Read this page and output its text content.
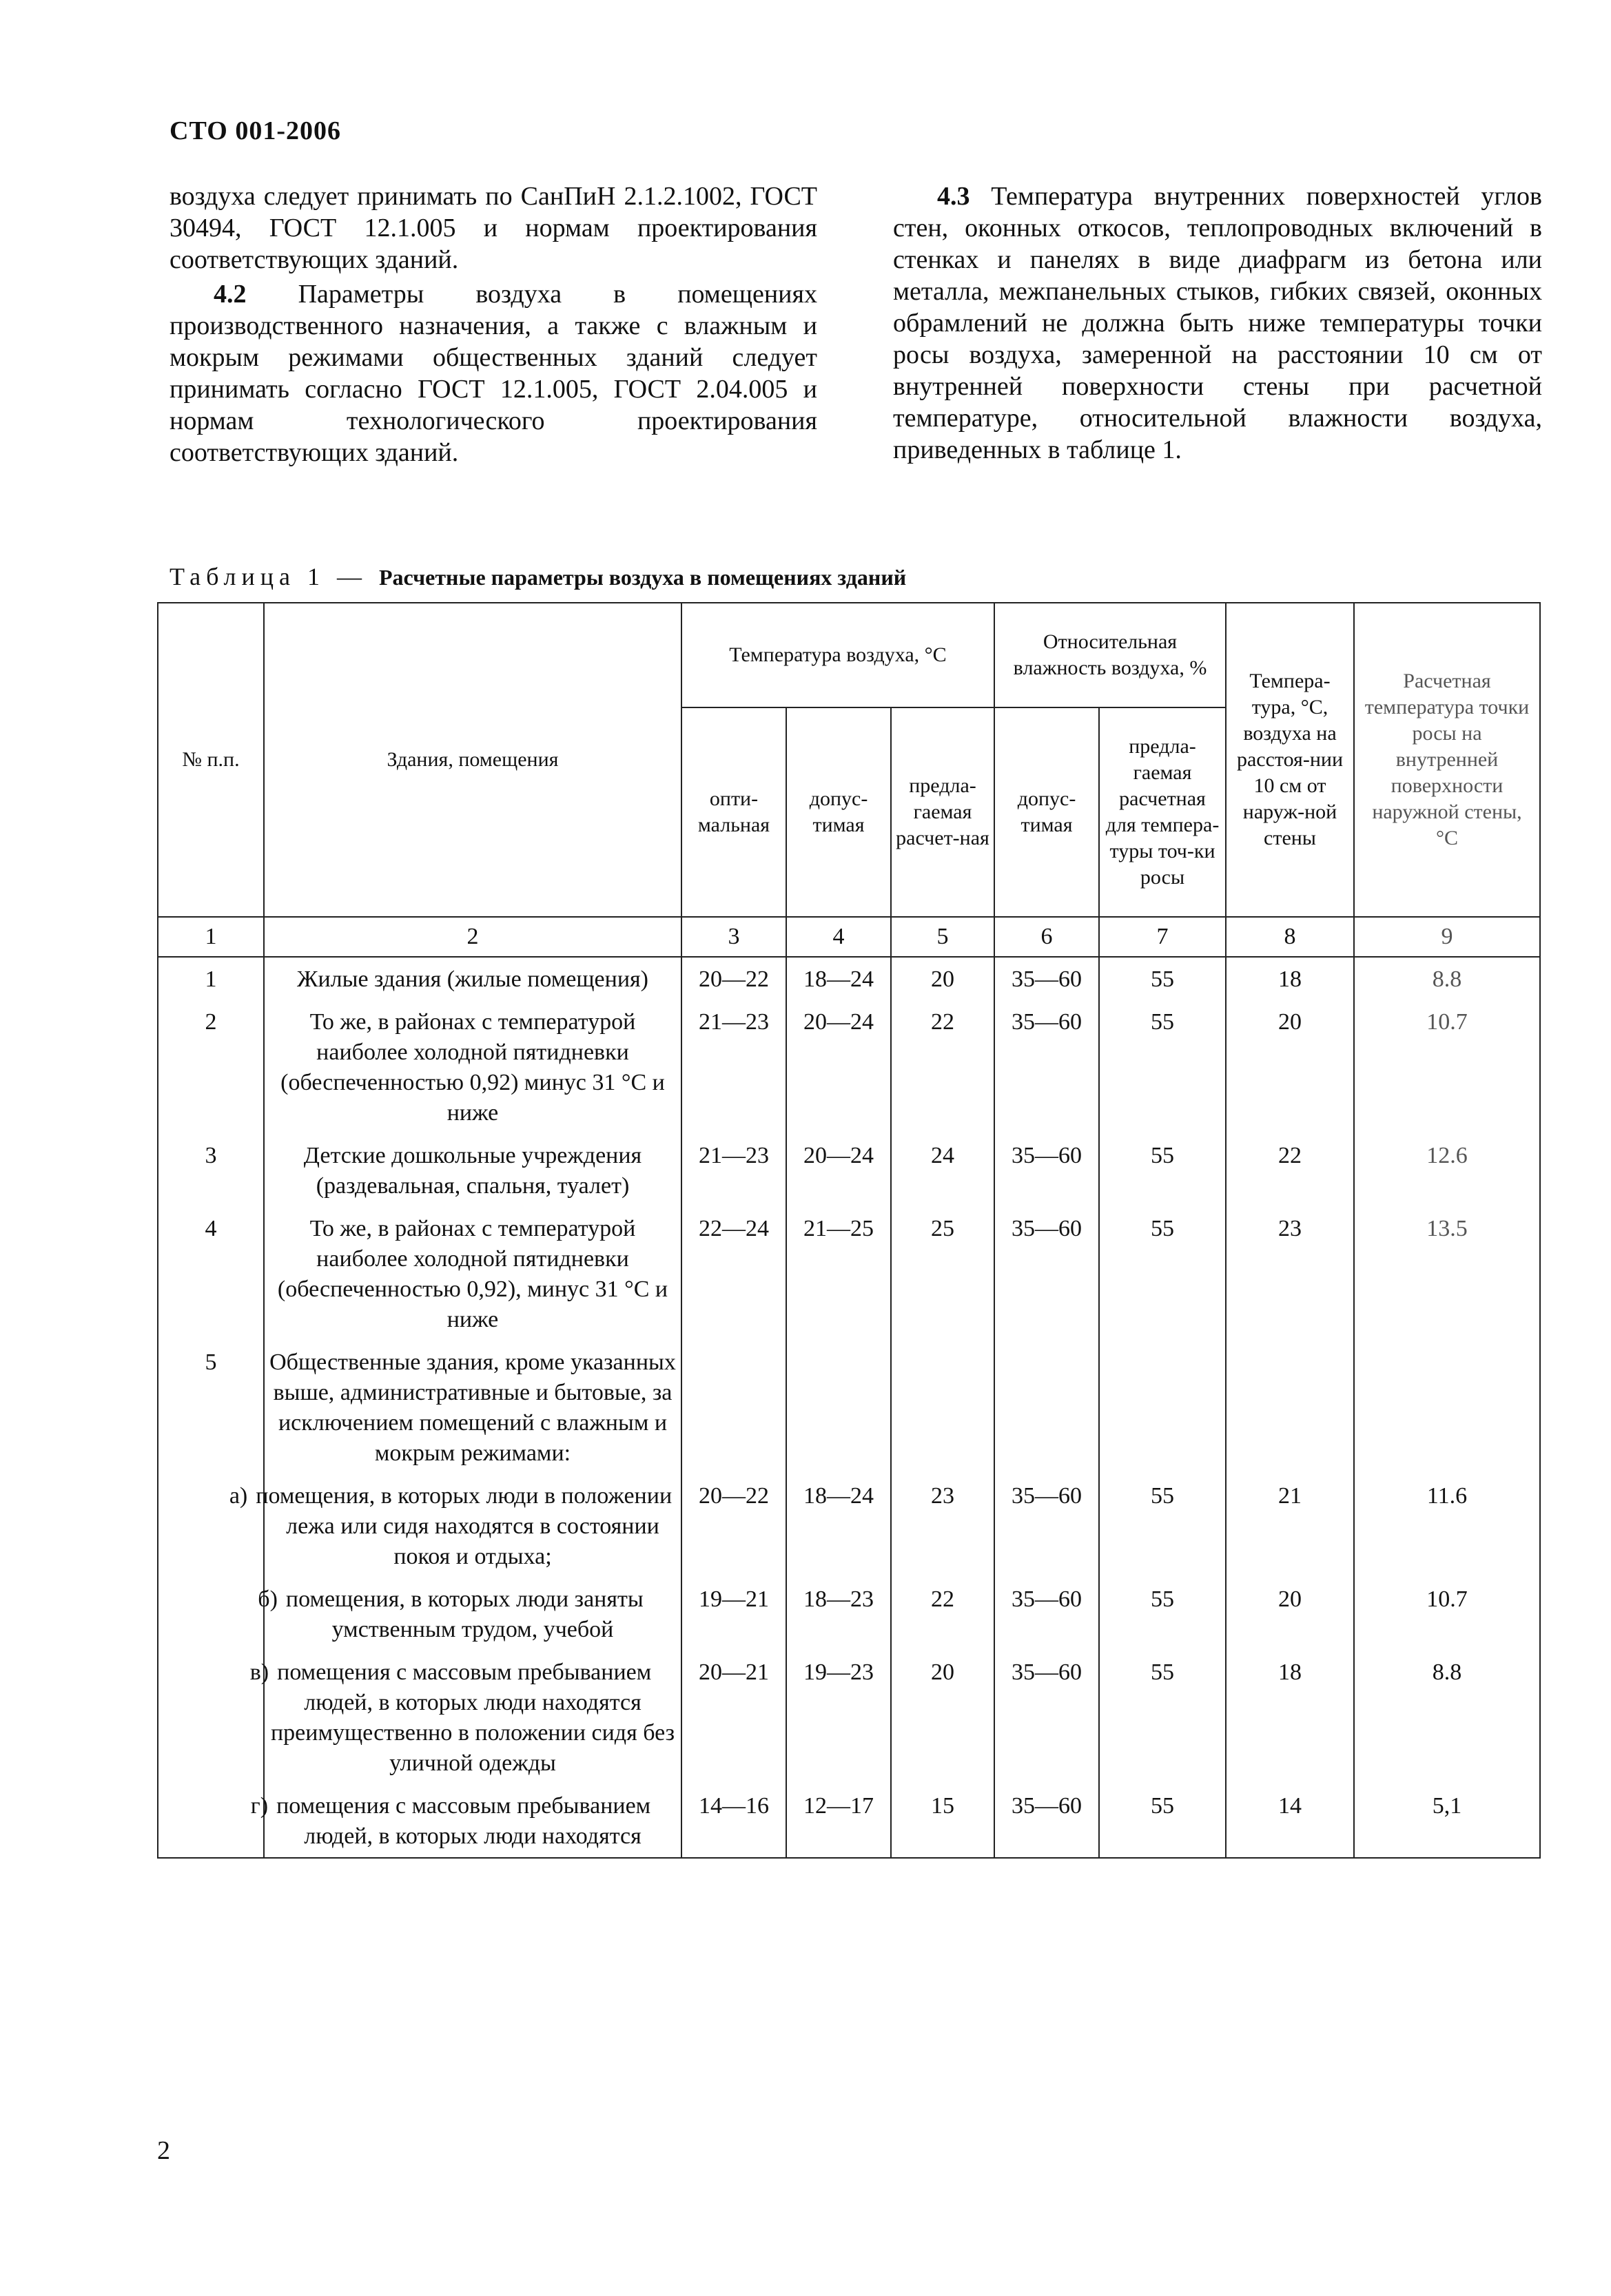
СТО 001-2006

воздуха следует принимать по СанПиН 2.1.2.1002, ГОСТ 30494, ГОСТ 12.1.005 и нормам проектирования соответствующих зданий.

4.2 Параметры воздуха в помещениях производственного назначения, а также с влажным и мокрым режимами общественных зданий следует принимать согласно ГОСТ 12.1.005, ГОСТ 2.04.005 и нормам технологического проектирования соответствующих зданий.

4.3 Температура внутренних поверхностей углов стен, оконных откосов, теплопроводных включений в стенках и панелях в виде диафрагм из бетона или металла, межпанельных стыков, гибких связей, оконных обрамлений не должна быть ниже температуры точки росы воздуха, замеренной на расстоянии 10 см от внутренней поверхности стены при расчетной температуре, относительной влажности воздуха, приведенных в таблице 1.

Таблица 1 — Расчетные параметры воздуха в помещениях зданий
№ п.п.	Здания, помещения	Температура воздуха, °С			Относительная влажность воздуха, %		Темпера-тура, °С, воздуха на расстоя-нии 10 см от наруж-ной стены	Расчетная температура точки росы на внутренней поверхности наружной стены, °С
		опти-мальная	допус-тимая	предла-гаемая расчет-ная	допус-тимая	предла-гаемая расчетная для темпера-туры точ-ки росы		
1	2	3	4	5	6	7	8	9
1	Жилые здания (жилые помещения)	20—22	18—24	20	35—60	55	18	8.8
2	То же, в районах с температурой наиболее холодной пятидневки (обеспеченностью 0,92) минус 31 °С и ниже	21—23	20—24	22	35—60	55	20	10.7
3	Детские дошкольные учреждения (раздевальная, спальня, туалет)	21—23	20—24	24	35—60	55	22	12.6
4	То же, в районах с температурой наиболее холодной пятидневки (обеспеченностью 0,92), минус 31 °С и ниже	22—24	21—25	25	35—60	55	23	13.5
5	Общественные здания, кроме указанных выше, административные и бытовые, за исключением помещений с влажным и мокрым режимами:							
	а) помещения, в которых люди в положении лежа или сидя находятся в состоянии покоя и отдыха;	20—22	18—24	23	35—60	55	21	11.6
	б) помещения, в которых люди заняты умственным трудом, учебой	19—21	18—23	22	35—60	55	20	10.7
	в) помещения с массовым пребыванием людей, в которых люди находятся преимущественно в положении сидя без уличной одежды	20—21	19—23	20	35—60	55	18	8.8
	г) помещения с массовым пребыванием людей, в которых люди находятся	14—16	12—17	15	35—60	55	14	5,1
2
